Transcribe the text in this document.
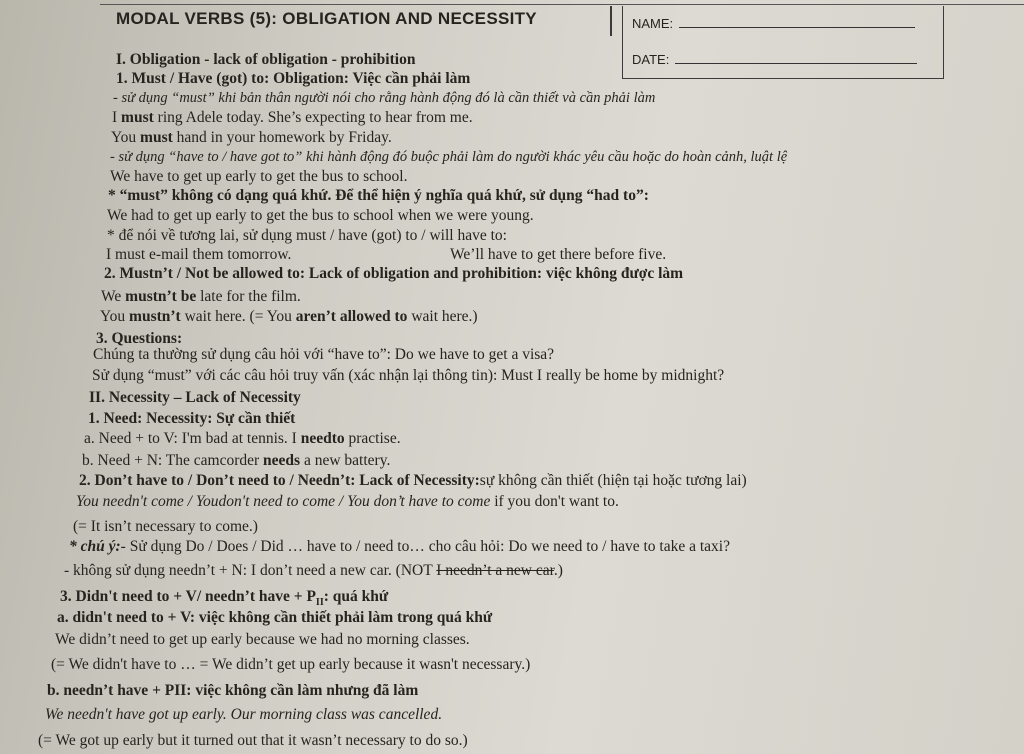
MODAL VERBS (5): OBLIGATION AND NECESSITY	NAME:
DATE:
I. Obligation - lack of obligation - prohibition
1. Must / Have (got) to: Obligation: Việc cần phải làm
- sử dụng “must” khi bản thân người nói cho rằng hành động đó là cần thiết và cần phải làm
I must ring Adele today. She’s expecting to hear from me.
You must hand in your homework by Friday.
- sử dụng “have to / have got to” khi hành động đó buộc phải làm do người khác yêu cầu hoặc do hoàn cảnh, luật lệ
We have to get up early to get the bus to school.
* “must” không có dạng quá khứ. Để thể hiện ý nghĩa quá khứ, sử dụng “had to”:
We had to get up early to get the bus to school when we were young.
* để nói về tương lai, sử dụng must / have (got) to / will have to:
I must e-mail them tomorrow.	We’ll have to get there before five.
2. Mustn’t / Not be allowed to: Lack of obligation and prohibition: việc không được làm
We mustn’t be late for the film.
You mustn’t wait here. (= You aren’t allowed to wait here.)
3. Questions:
Chúng ta thường sử dụng câu hỏi với “have to”: Do we have to get a visa?
Sử dụng “must” với các câu hỏi truy vấn (xác nhận lại thông tin): Must I really be home by midnight?
II. Necessity – Lack of Necessity
1. Need: Necessity: Sự cần thiết
a. Need + to V: I'm bad at tennis. I needto practise.
b. Need + N: The camcorder needs a new battery.
2. Don’t have to / Don’t need to / Needn’t: Lack of Necessity:sự không cần thiết (hiện tại hoặc tương lai)
You needn't come / Youdon't need to come / You don’t have to come if you don't want to.
(= It isn’t necessary to come.)
* chú ý:- Sử dụng Do / Does / Did … have to / need to… cho câu hỏi: Do we need to / have to take a taxi?
- không sử dụng needn’t + N: I don’t need a new car. (NOT I needn’t a new car.)
3. Didn't need to + V/ needn’t have + $P_{II}$: quá khứ
a. didn't need to + V: việc không cần thiết phải làm trong quá khứ
We didn’t need to get up early because we had no morning classes.
(= We didn't have to … = We didn’t get up early because it wasn't necessary.)
b. needn’t have + PII: việc không cần làm nhưng đã làm
We needn't have got up early. Our morning class was cancelled.
(= We got up early but it turned out that it wasn’t necessary to do so.)
